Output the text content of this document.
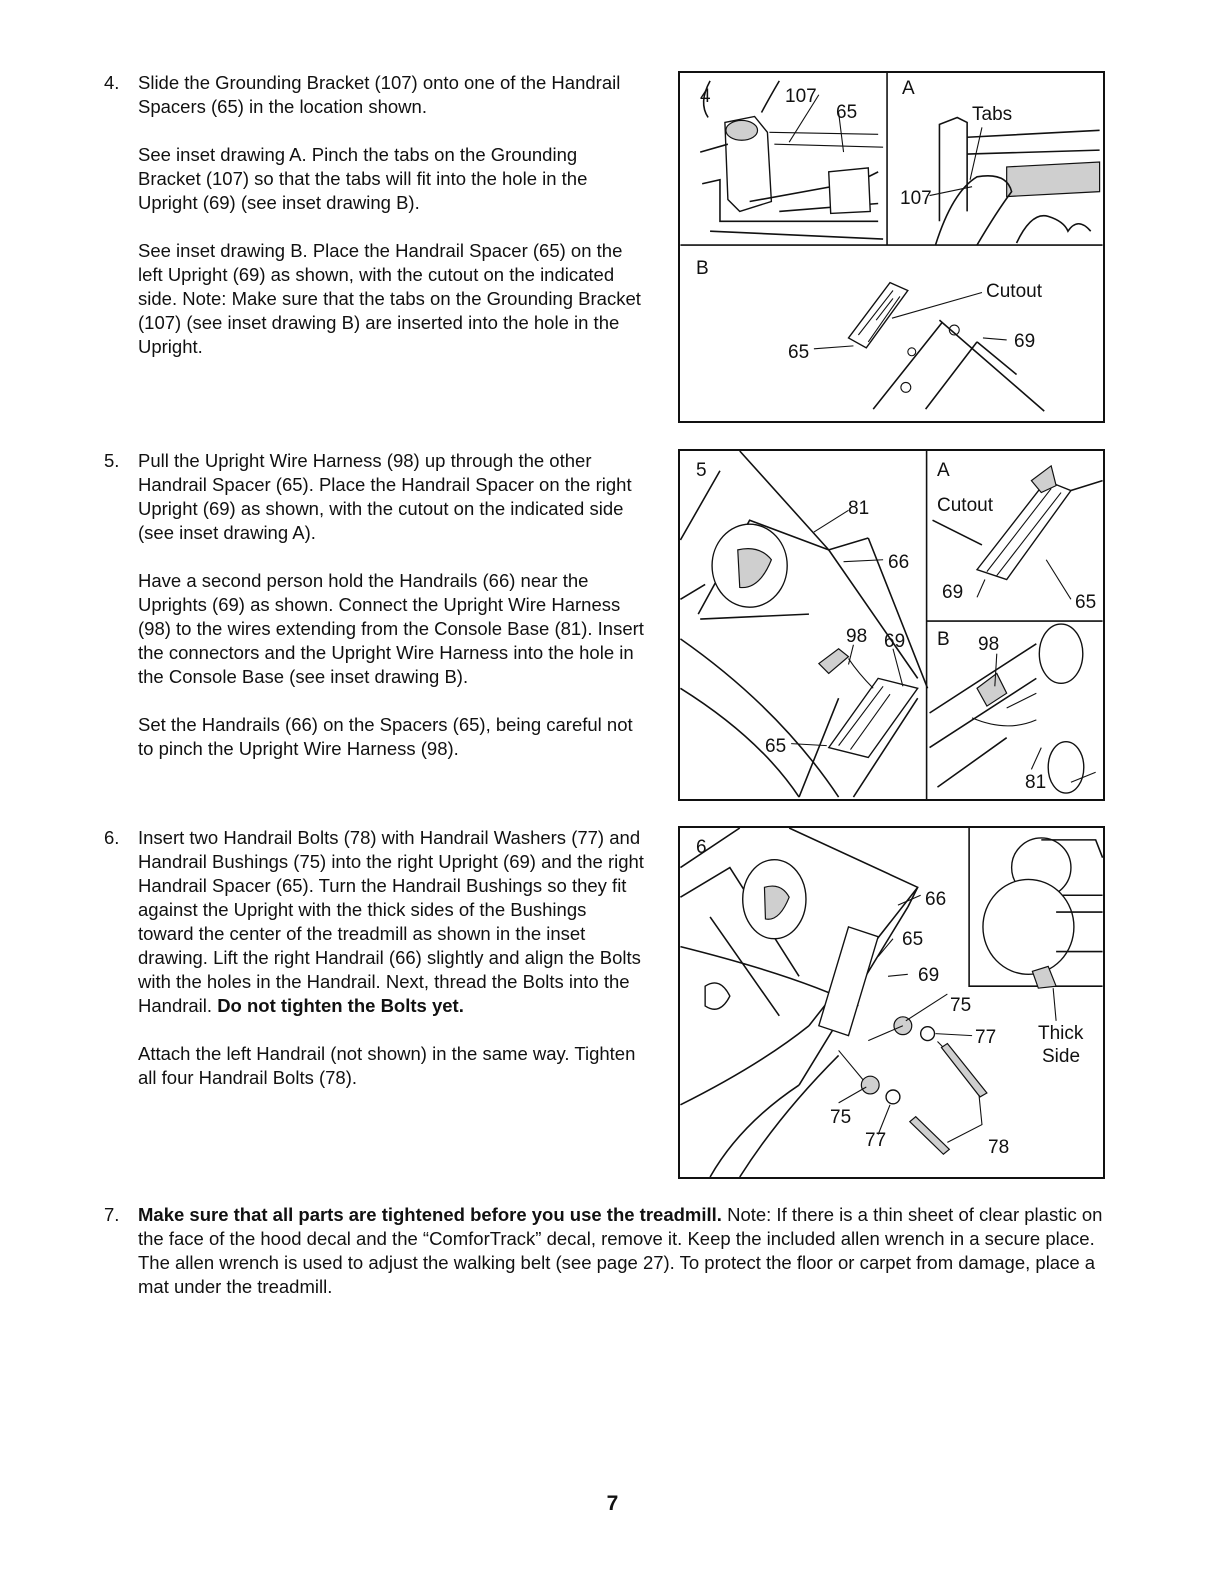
4. Slide the Grounding Bracket (107) onto one of the Handrail Spacers (65) in the location shown.

See inset drawing A. Pinch the tabs on the Grounding Bracket (107) so that the tabs will fit into the hole in the Upright (69) (see inset drawing B).

See inset drawing B. Place the Handrail Spacer (65) on the left Upright (69) as shown, with the cutout on the indicated side. Note: Make sure that the tabs on the Grounding Bracket (107) (see inset drawing B) are inserted into the hole in the Upright.

5. Pull the Upright Wire Harness (98) up through the other Handrail Spacer (65). Place the Handrail Spacer on the right Upright (69) as shown, with the cutout on the indicated side (see inset drawing A).

Have a second person hold the Handrails (66) near the Uprights (69) as shown. Connect the Upright Wire Harness (98) to the wires extending from the Console Base (81). Insert the connectors and the Upright Wire Harness into the hole in the Console Base (see inset drawing B).

Set the Handrails (66) on the Spacers (65), being careful not to pinch the Upright Wire Harness (98).

6. Insert two Handrail Bolts (78) with Handrail Washers (77) and Handrail Bushings (75) into the right Upright (69) and the right Handrail Spacer (65). Turn the Handrail Bushings so they fit against the Upright with the thick sides of the Bushings toward the center of the treadmill as shown in the inset drawing. Lift the right Handrail (66) slightly and align the Bolts with the holes in the Handrail. Next, thread the Bolts into the Handrail. Do not tighten the Bolts yet.

Attach the left Handrail (not shown) in the same way. Tighten all four Handrail Bolts (78).

4	107
65
A
Tabs
107
B
Cutout
65
69
5
81
66
98 69
65
A
Cutout
69	65
B 98
81
6
66
65
69
75
77
75
77	78
Thick
Side
7. Make sure that all parts are tightened before you use the treadmill. Note: If there is a thin sheet of clear plastic on the face of the hood decal and the “ComforTrack” decal, remove it. Keep the included allen wrench in a secure place. The allen wrench is used to adjust the walking belt (see page 27). To protect the floor or carpet from damage, place a mat under the treadmill.

7
